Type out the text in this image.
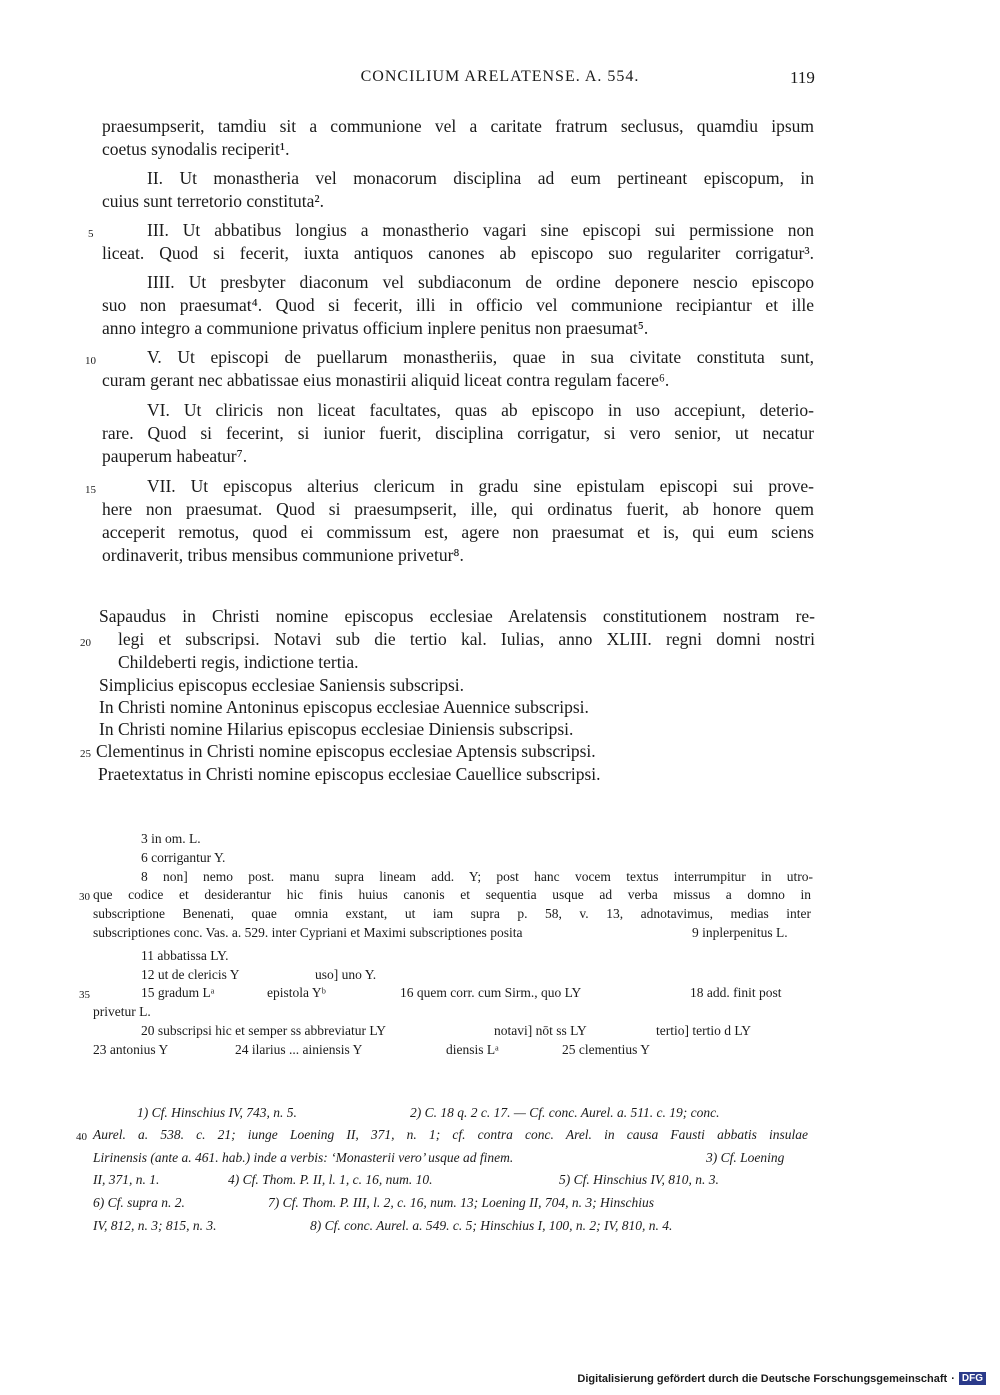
CONCILIUM ARELATENSE. A. 554.	119
praesumpserit, tamdiu sit a communione vel a caritate fratrum seclusus, quamdiu ipsum
coetus synodalis reciperit¹.
II. Ut monastheria vel monacorum disciplina ad eum pertineant episcopum, in
cuius sunt terretorio constituta².
5	III. Ut abbatibus longius a monastherio vagari sine episcopi sui permissione non
liceat. Quod si fecerit, iuxta antiquos canones ab episcopo suo regulariter corrigatur³.
IIII. Ut presbyter diaconum vel subdiaconum de ordine deponere nescio episcopo
suo non praesumat⁴. Quod si fecerit, illi in officio vel communione recipiantur et ille
anno integro a communione privatus officium inplere penitus non praesumat⁵.
10	V. Ut episcopi de puellarum monastheriis, quae in sua civitate constituta sunt,
curam gerant nec abbatissae eius monastirii aliquid liceat contra regulam facere⁶.
VI. Ut cliricis non liceat facultates, quas ab episcopo in uso accepiunt, deterio-
rare. Quod si fecerint, si iunior fuerit, disciplina corrigatur, si vero senior, ut necatur
pauperum habeatur⁷.
15	VII. Ut episcopus alterius clericum in gradu sine epistulam episcopi sui prove-
here non praesumat. Quod si praesumpserit, ille, qui ordinatus fuerit, ab honore quem
acceperit remotus, quod ei commissum est, agere non praesumat et is, qui eum sciens
ordinaverit, tribus mensibus communione privetur⁸.
Sapaudus in Christi nomine episcopus ecclesiae Arelatensis constitutionem nostram re-
20 legi et subscripsi. Notavi sub die tertio kal. Iulias, anno XLIII. regni domni nostri
Childeberti regis, indictione tertia.
Simplicius episcopus ecclesiae Saniensis subscripsi.
In Christi nomine Antoninus episcopus ecclesiae Auennice subscripsi.
In Christi nomine Hilarius episcopus ecclesiae Diniensis subscripsi.
25 Clementinus in Christi nomine episcopus ecclesiae Aptensis subscripsi.
Praetextatus in Christi nomine episcopus ecclesiae Cauellice subscripsi.
3 in om. L.
6 corrigantur Y.
8 non] nemo post. manu supra lineam add. Y; post hanc vocem textus interrumpitur in utro-
30 que codice et desiderantur hic finis huius canonis et sequentia usque ad verba missus a domno in
subscriptione Benenati, quae omnia exstant, ut iam supra p. 58, v. 13, adnotavimus, medias inter
subscriptiones conc. Vas. a. 529. inter Cypriani et Maximi subscriptiones posita	9 inplerpenitus L.
11 abbatissa LY.
12 ut de clericis Y	uso] uno Y.
35	15 gradum Lᵃ	epistola Yᵇ	16 quem corr. cum Sirm., quo LY	18 add. finit post
privetur L.
20 subscripsi hic et semper ss abbreviatur LY	notavi] nōt ss LY	tertio] tertio d LY
23 antonius Y	24 ilarius ... ainiensis Y	diensis Lᵃ	25 clementius Y
1) Cf. Hinschius IV, 743, n. 5.	2) C. 18 q. 2 c. 17. — Cf. conc. Aurel. a. 511. c. 19; conc.
40 Aurel. a. 538. c. 21; iunge Loening II, 371, n. 1; cf. contra conc. Arel. in causa Fausti abbatis insulae
Lirinensis (ante a. 461. hab.) inde a verbis: ‘Monasterii vero’ usque ad finem.	3) Cf. Loening
II, 371, n. 1.	4) Cf. Thom. P. II, l. 1, c. 16, num. 10.	5) Cf. Hinschius IV, 810, n. 3.
6) Cf. supra n. 2.	7) Cf. Thom. P. III, l. 2, c. 16, num. 13; Loening II, 704, n. 3; Hinschius
IV, 812, n. 3; 815, n. 3.	8) Cf. conc. Aurel. a. 549. c. 5; Hinschius I, 100, n. 2; IV, 810, n. 4.
Digitalisierung gefördert durch die Deutsche Forschungsgemeinschaft · DFG
